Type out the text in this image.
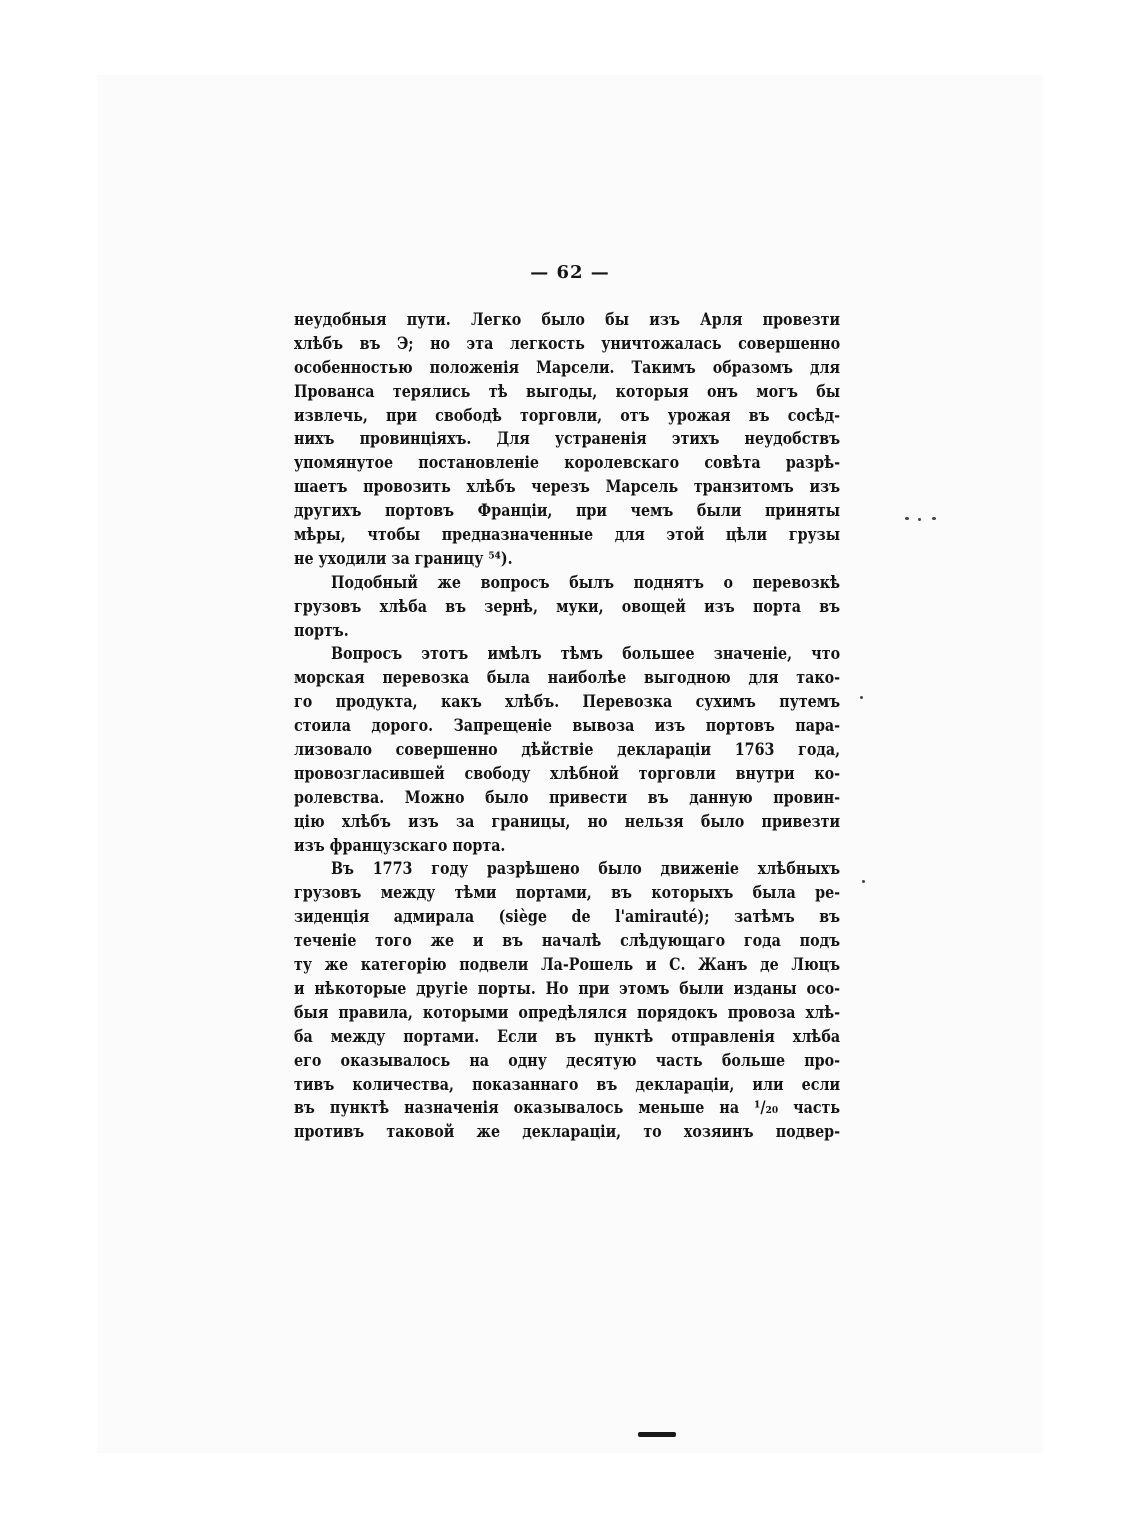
— 62 —
неудобныя пути. Легко было бы изъ Арля провезти
хлѣбъ въ Э; но эта легкость уничтожалась совершенно
особенностью положенія Марсели. Такимъ образомъ для
Прованса терялись тѣ выгоды, которыя онъ могъ бы
извлечь, при свободѣ торговли, отъ урожая въ сосѣд-
нихъ провинціяхъ. Для устраненія этихъ неудобствъ
упомянутое постановленіе королевскаго совѣта разрѣ-
шаетъ провозить хлѣбъ черезъ Марсель транзитомъ изъ
другихъ портовъ Франціи, при чемъ были приняты
мѣры, чтобы предназначенные для этой цѣли грузы
не уходили за границу ⁵⁴).
Подобный же вопросъ былъ поднятъ о перевозкѣ
грузовъ хлѣба въ зернѣ, муки, овощей изъ порта въ
портъ.
Вопросъ этотъ имѣлъ тѣмъ большее значеніе, что
морская перевозка была наиболѣе выгодною для тако-
го продукта, какъ хлѣбъ. Перевозка сухимъ путемъ
стоила дорого. Запрещеніе вывоза изъ портовъ пара-
лизовало совершенно дѣйствіе деклараціи 1763 года,
провозгласившей свободу хлѣбной торговли внутри ко-
ролевства. Можно было привести въ данную провин-
цію хлѣбъ изъ за границы, но нельзя было привезти
изъ французскаго порта.
Въ 1773 году разрѣшено было движеніе хлѣбныхъ
грузовъ между тѣми портами, въ которыхъ была ре-
зиденція адмирала (siège de l'amirauté); затѣмъ въ
теченіе того же и въ началѣ слѣдующаго года подъ
ту же категорію подвели Ла-Рошель и С. Жанъ де Люцъ
и нѣкоторые другіе порты. Но при этомъ были изданы осо-
быя правила, которыми опредѣлялся порядокъ провоза хлѣ-
ба между портами. Если въ пунктѣ отправленія хлѣба
его оказывалось на одну десятую часть больше про-
тивъ количества, показаннаго въ деклараціи, или если
въ пунктѣ назначенія оказывалось меньше на ¹/₂₀ часть
противъ таковой же деклараціи, то хозяинъ подвер-
